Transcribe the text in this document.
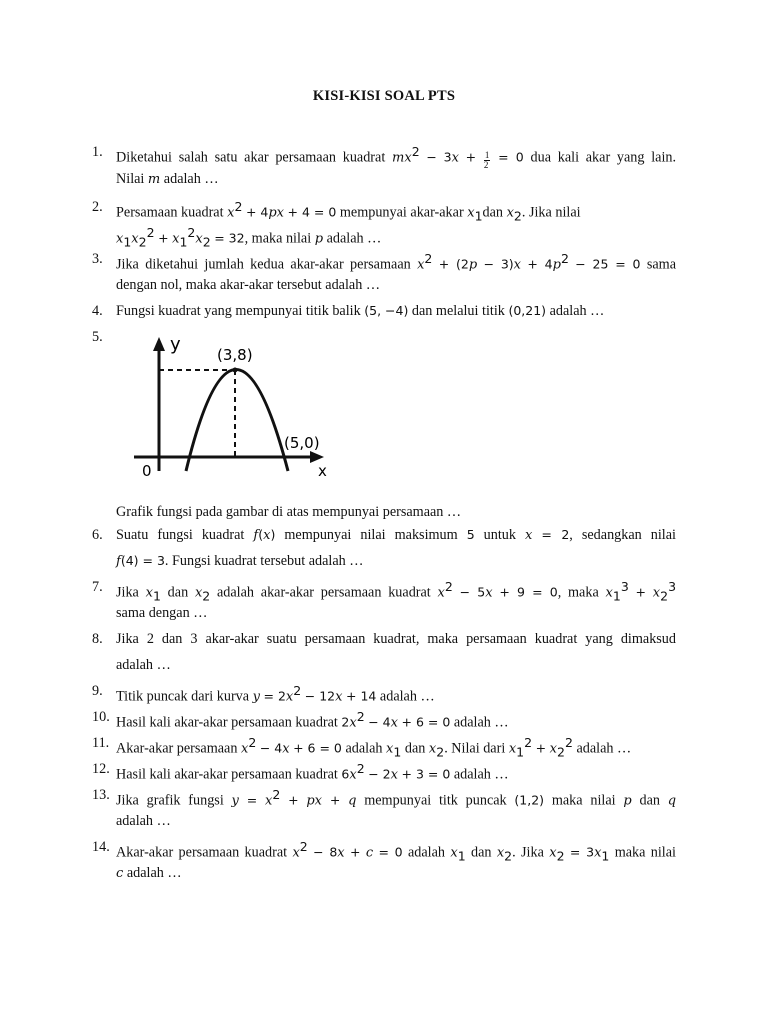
KISI-KISI SOAL PTS
1. Diketahui salah satu akar persamaan kuadrat $mx^2 - 3x + \frac{1}{2} = 0$ dua kali akar yang lain.
Nilai m adalah …
2. Persamaan kuadrat $x^2 + 4px + 4 = 0$ mempunyai akar-akar $x_1dan$ $x_2$. Jika nilai
$x_1x_2^2 + x_1^2x_2 = 32$, maka nilai p adalah …
3. Jika diketahui jumlah kedua akar-akar persamaan $x^2 + (2p - 3)x + 4p^2 - 25 = 0$ sama
dengan nol, maka akar-akar tersebut adalah …
4. Fungsi kuadrat yang mempunyai titik balik (5, −4) dan melalui titik (0,21) adalah …
5.
Grafik fungsi pada gambar di atas mempunyai persamaan …
y (3,8)
(5,0)
0	x
6. Suatu fungsi kuadrat f(x) mempunyai nilai maksimum 5 untuk x = 2, sedangkan nilai
f(4) = 3. Fungsi kuadrat tersebut adalah …
7. Jika $x_1$ dan $x_2$ adalah akar-akar persamaan kuadrat $x^2 - 5x + 9 = 0$, maka $x_1^3 + x_2^3$
sama dengan …
8. Jika 2 dan 3 akar-akar suatu persamaan kuadrat, maka persamaan kuadrat yang dimaksud
adalah …
9. Titik puncak dari kurva $y = 2x^2 - 12x + 14$ adalah …
10. Hasil kali akar-akar persamaan kuadrat $2x^2 - 4x + 6 = 0$ adalah …
11. Akar-akar persamaan $x^2 - 4x + 6 = 0$ adalah $x_1$ dan $x_2$. Nilai dari $x_1^2 + x_2^2$ adalah …
12. Hasil kali akar-akar persamaan kuadrat $6x^2 - 2x + 3 = 0$ adalah …
13. Jika grafik fungsi $y = x^2$ + px + q mempunyai titk puncak (1,2) maka nilai p dan q
adalah …
14. Akar-akar persamaan kuadrat $x^2 - 8x + c = 0$ adalah $x_1$ dan $x_2$. Jika $x_2 = 3x_1$ maka nilai
c adalah …
